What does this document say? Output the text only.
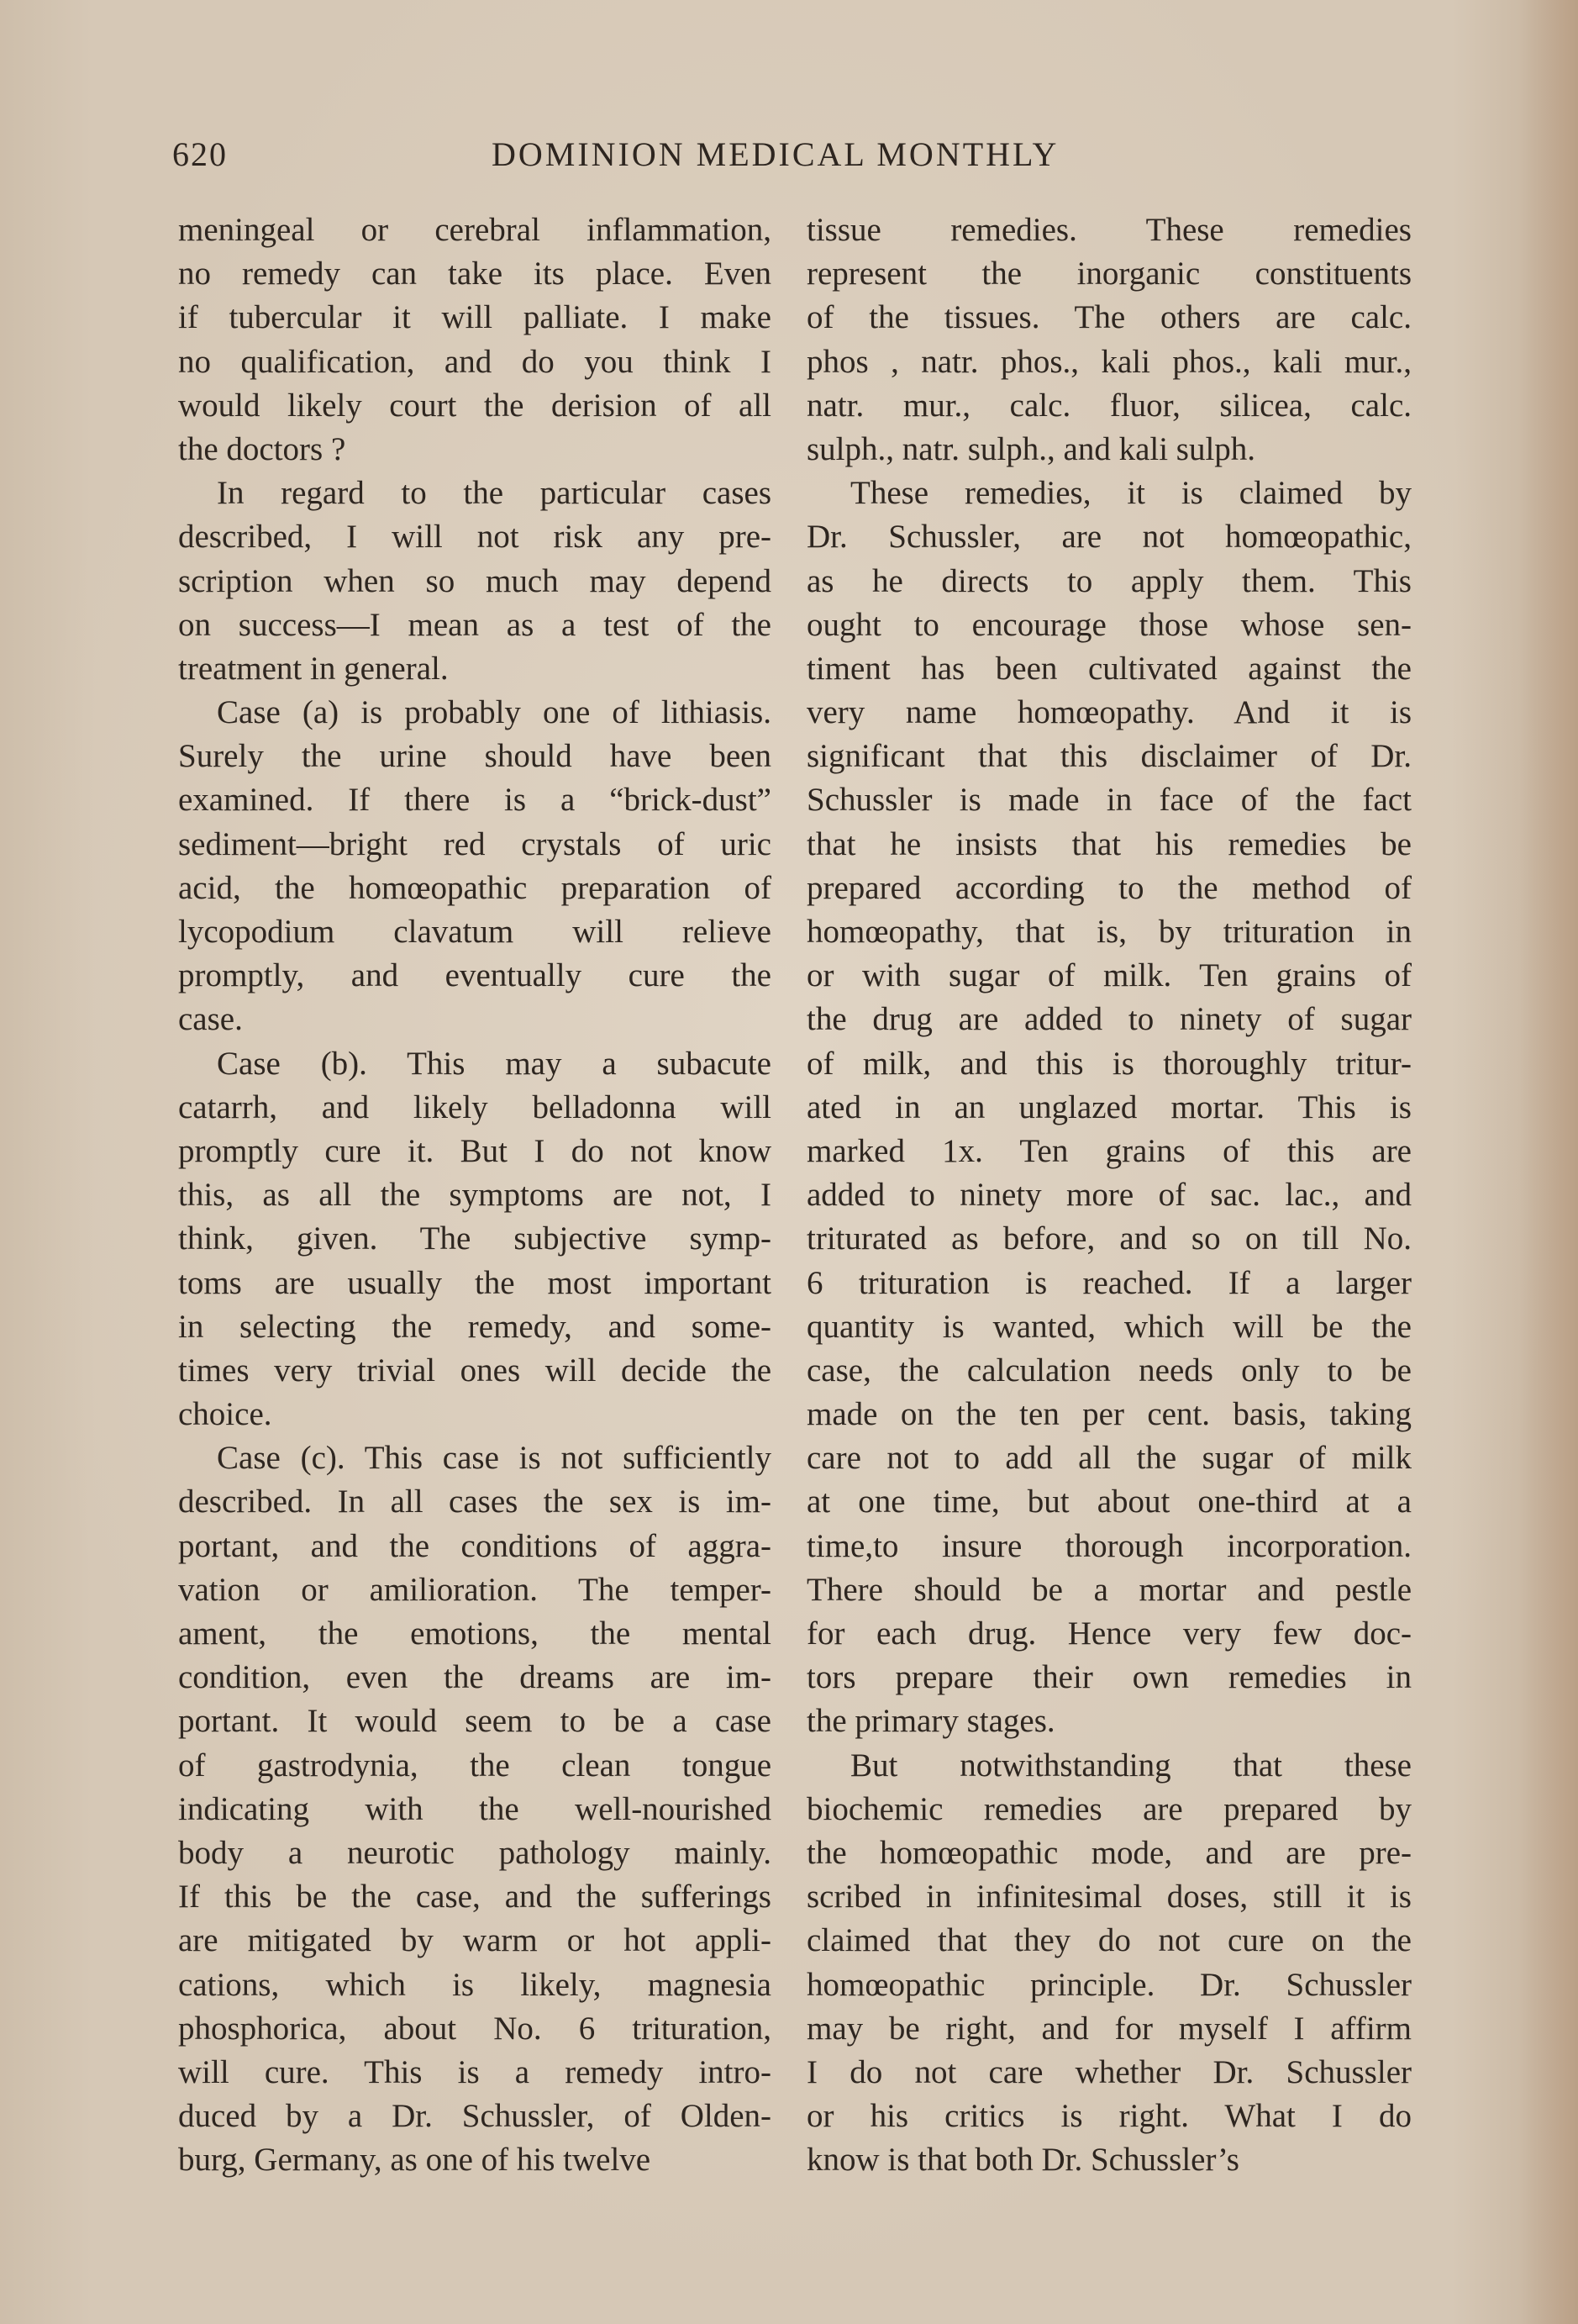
620	DOMINION MEDICAL MONTHLY
meningeal or cerebral inflammation,
no remedy can take its place. Even
if tubercular it will palliate. I make
no qualification, and do you think I
would likely court the derision of all
the doctors ?
In regard to the particular cases
described, I will not risk any pre-
scription when so much may depend
on success—I mean as a test of the
treatment in general.
Case (a) is probably one of lithiasis.
Surely the urine should have been
examined. If there is a “brick-dust”
sediment—bright red crystals of uric
acid, the homœopathic preparation of
lycopodium clavatum will relieve
promptly, and eventually cure the
case.
Case (b). This may a subacute
catarrh, and likely belladonna will
promptly cure it. But I do not know
this, as all the symptoms are not, I
think, given. The subjective symp-
toms are usually the most important
in selecting the remedy, and some-
times very trivial ones will decide the
choice.
Case (c). This case is not sufficiently
described. In all cases the sex is im-
portant, and the conditions of aggra-
vation or amilioration. The temper-
ament, the emotions, the mental
condition, even the dreams are im-
portant. It would seem to be a case
of gastrodynia, the clean tongue
indicating with the well-nourished
body a neurotic pathology mainly.
If this be the case, and the sufferings
are mitigated by warm or hot appli-
cations, which is likely, magnesia
phosphorica, about No. 6 trituration,
will cure. This is a remedy intro-
duced by a Dr. Schussler, of Olden-
burg, Germany, as one of his twelve
tissue remedies. These remedies
represent the inorganic constituents
of the tissues. The others are calc.
phos , natr. phos., kali phos., kali mur.,
natr. mur., calc. fluor, silicea, calc.
sulph., natr. sulph., and kali sulph.
These remedies, it is claimed by
Dr. Schussler, are not homœopathic,
as he directs to apply them. This
ought to encourage those whose sen-
timent has been cultivated against the
very name homœopathy. And it is
significant that this disclaimer of Dr.
Schussler is made in face of the fact
that he insists that his remedies be
prepared according to the method of
homœopathy, that is, by trituration in
or with sugar of milk. Ten grains of
the drug are added to ninety of sugar
of milk, and this is thoroughly tritur-
ated in an unglazed mortar. This is
marked 1x. Ten grains of this are
added to ninety more of sac. lac., and
triturated as before, and so on till No.
6 trituration is reached. If a larger
quantity is wanted, which will be the
case, the calculation needs only to be
made on the ten per cent. basis, taking
care not to add all the sugar of milk
at one time, but about one-third at a
time,to insure thorough incorporation.
There should be a mortar and pestle
for each drug. Hence very few doc-
tors prepare their own remedies in
the primary stages.
But notwithstanding that these
biochemic remedies are prepared by
the homœopathic mode, and are pre-
scribed in infinitesimal doses, still it is
claimed that they do not cure on the
homœopathic principle. Dr. Schussler
may be right, and for myself I affirm
I do not care whether Dr. Schussler
or his critics is right. What I do
know is that both Dr. Schussler’s
